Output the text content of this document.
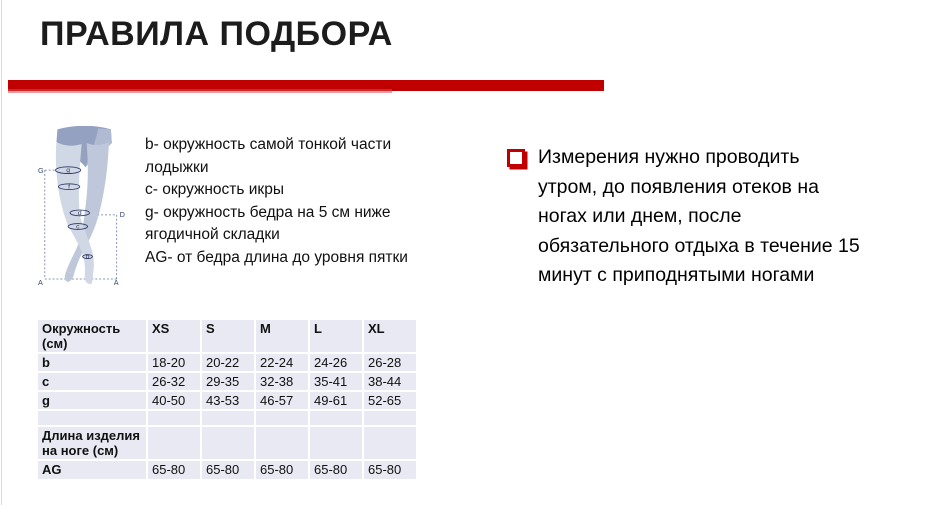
ПРАВИЛА ПОДБОРА
g
f
d
c
b
G
D
A	A
b- окружность самой тонкой части лодыжки
c- окружность икры
g- окружность бедра на 5 см ниже ягодичной складки
AG- от бедра длина до уровня пятки
Измерения нужно проводить
утром, до появления отеков на
ногах или днем, после
обязательного отдыха в течение 15
минут с приподнятыми ногами
Окружность (см)	XS	S	M	L	XL
b	18-20	20-22	22-24	24-26	26-28
c	26-32	29-35	32-38	35-41	38-44
g	40-50	43-53	46-57	49-61	52-65

Длина изделия на ноге (см)					
AG	65-80	65-80	65-80	65-80	65-80
